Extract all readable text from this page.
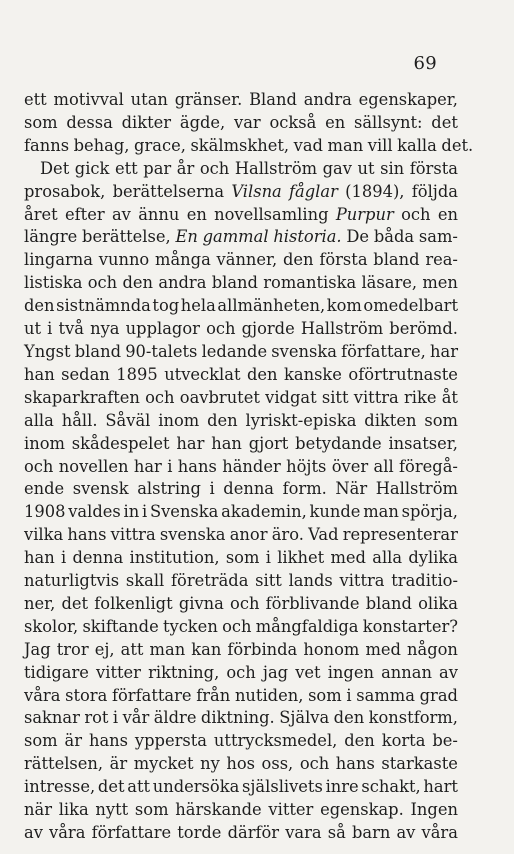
69
ett motivval utan gränser. Bland andra egenskaper,
som dessa dikter ägde, var också en sällsynt: det
fanns behag, grace, skälmskhet, vad man vill kalla det.
Det gick ett par år och Hallström gav ut sin första
prosabok, berättelserna Vilsna fåglar (1894), följda
året efter av ännu en novellsamling Purpur och en
längre berättelse, En gammal historia. De båda sam-
lingarna vunno många vänner, den första bland rea-
listiska och den andra bland romantiska läsare, men
den sistnämnda tog hela allmänheten, kom omedelbart
ut i två nya upplagor och gjorde Hallström berömd.
Yngst bland 90-talets ledande svenska författare, har
han sedan 1895 utvecklat den kanske oförtrutnaste
skaparkraften och oavbrutet vidgat sitt vittra rike åt
alla håll. Såväl inom den lyriskt-episka dikten som
inom skådespelet har han gjort betydande insatser,
och novellen har i hans händer höjts över all föregå-
ende svensk alstring i denna form. När Hallström
1908 valdes in i Svenska akademin, kunde man spörja,
vilka hans vittra svenska anor äro. Vad representerar
han i denna institution, som i likhet med alla dylika
naturligtvis skall företräda sitt lands vittra traditio-
ner, det folkenligt givna och förblivande bland olika
skolor, skiftande tycken och mångfaldiga konstarter?
Jag tror ej, att man kan förbinda honom med någon
tidigare vitter riktning, och jag vet ingen annan av
våra stora författare från nutiden, som i samma grad
saknar rot i vår äldre diktning. Själva den konstform,
som är hans yppersta uttrycksmedel, den korta be-
rättelsen, är mycket ny hos oss, och hans starkaste
intresse, det att undersöka själslivets inre schakt, hart
när lika nytt som härskande vitter egenskap. Ingen
av våra författare torde därför vara så barn av våra
